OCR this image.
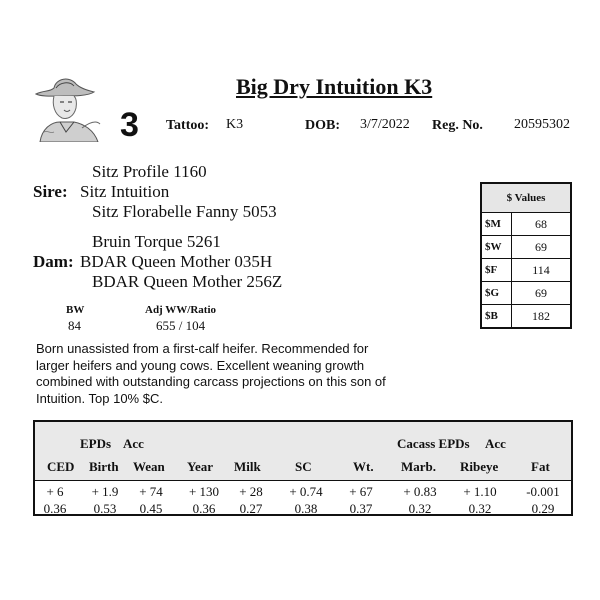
Big Dry Intuition K3
3 Tattoo: K3	DOB: 3/7/2022 Reg. No. 20595302
Sitz Profile 1160
Sire: Sitz Intuition
Sitz Florabelle Fanny 5053
Bruin Torque 5261
Dam: BDAR Queen Mother 035H
BDAR Queen Mother 256Z
BW
84
Adj WW/Ratio
655 / 104
Born unassisted from a first-calf heifer. Recommended for larger heifers and young cows. Excellent weaning growth combined with outstanding carcass projections on this son of Intuition. Top 10% $C.
$ Values
$M	68
$W	69
$F	114
$G	69
$B	182
EPDs Acc	Cacass EPDs Acc
CED Birth Wean Year Milk	SC	Wt. Marb. Ribeye	Fat
+ 6	+ 1.9	+ 74	+ 130	+ 28	+ 0.74	+ 67	+ 0.83	+ 1.10	-0.001
0.36	0.53	0.45	0.36	0.27	0.38	0.37	0.32	0.32	0.29
